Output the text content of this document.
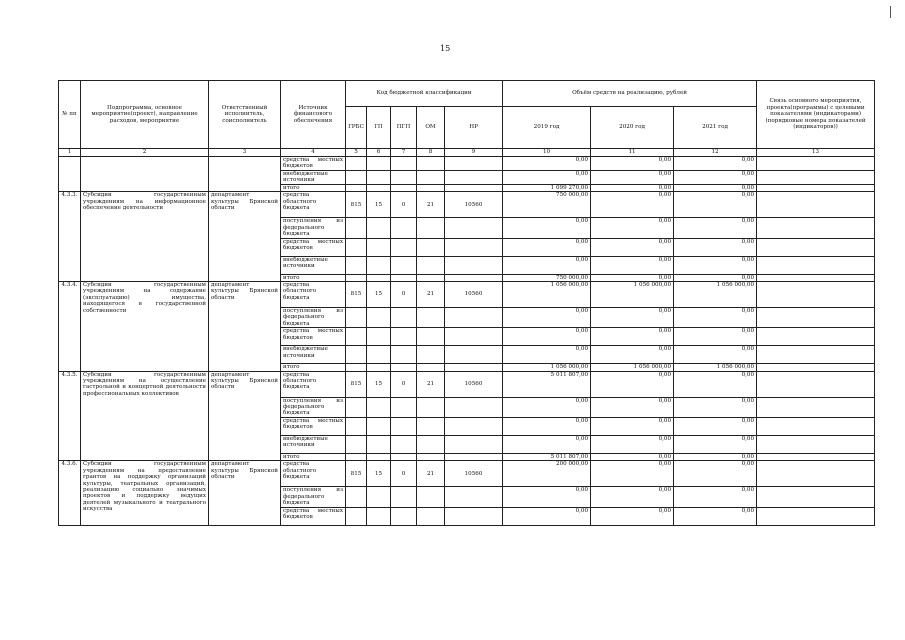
15
№ пп	Подпрограмма, основное мероприятие(проект), направление расходов, мероприятие	Ответственный исполнитель, соисполнитель	Источник финансового обеспечения	Код бюджетной классификации					Объём средств на реализацию, рублей			Связь основного мероприятия, проекта(программы) с целевыми показателями (индикаторами) (порядковые номера показателей (индикаторов))
				ГРБС	ГП	ПГП	ОМ	НР	2019 год	2020 год	2021 год	
1	2	3	4	5	6	7	8	9	10	11	12	13
			средства местных бюджетов						0,00	0,00	0,00	
			внебюджетные источники						0,00	0,00	0,00	
			итого						1 099 270,00	0,00	0,00	
4.3.3.	Субсидии государственным учреждениям на информационное обеспечение деятельности	департамент культуры Брянской области	средства областного бюджета	815	15	0	21	10560	750 000,00	0,00	0,00	
			поступления из федерального бюджета						0,00	0,00	0,00	
			средства местных бюджетов						0,00	0,00	0,00	
			внебюджетные источники						0,00	0,00	0,00	
			итого						750 000,00	0,00	0,00	
4.3.4.	Субсидии государственным учреждениям на содержание (эксплуатацию) имущества, находящегося в государственной собственности	департамент культуры Брянской области	средства областного бюджета	815	15	0	21	10560	1 056 000,00	1 056 000,00	1 056 000,00	
			поступления из федерального бюджета						0,00	0,00	0,00	
			средства местных бюджетов						0,00	0,00	0,00	
			внебюджетные источники						0,00	0,00	0,00	
			итого						1 056 000,00	1 056 000,00	1 056 000,00	
4.3.5.	Субсидии государственным учреждениям на осуществление гастрольной и концертной деятельности профессиональных коллективов	департамент культуры Брянской области	средства областного бюджета	815	15	0	21	10560	5 011 807,00	0,00	0,00	
			поступления из федерального бюджета						0,00	0,00	0,00	
			средства местных бюджетов						0,00	0,00	0,00	
			внебюджетные источники						0,00	0,00	0,00	
			итого						5 011 807,00	0,00	0,00	
4.3.6.	Субсидии государственным учреждениям на предоставление грантов на поддержку организаций культуры, театральных организаций, реализацию социально значимых проектов и поддержку ведущих деятелей музыкального и театрального искусства	департамент культуры Брянской области	средства областного бюджета	815	15	0	21	10560	200 000,00	0,00	0,00	
			поступления из федерального бюджета						0,00	0,00	0,00	
			средства местных бюджетов						0,00	0,00	0,00	
